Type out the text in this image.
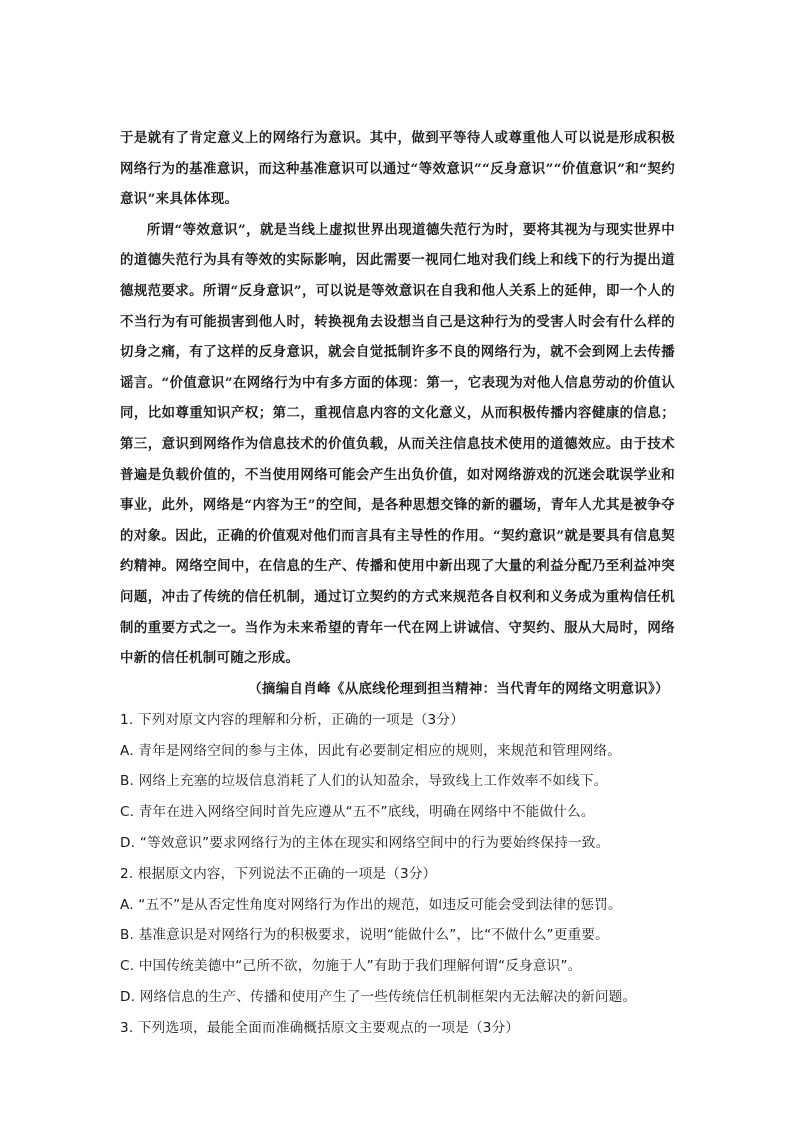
于是就有了肯定意义上的网络行为意识。其中，做到平等待人或尊重他人可以说是形成积极网络行为的基准意识，而这种基准意识可以通过“等效意识”“反身意识”“价值意识”和“契约意识”来具体体现。

所谓“等效意识”，就是当线上虚拟世界出现道德失范行为时，要将其视为与现实世界中的道德失范行为具有等效的实际影响，因此需要一视同仁地对我们线上和线下的行为提出道德规范要求。所谓“反身意识”，可以说是等效意识在自我和他人关系上的延伸，即一个人的不当行为有可能损害到他人时，转换视角去设想当自己是这种行为的受害人时会有什么样的切身之痛，有了这样的反身意识，就会自觉抵制许多不良的网络行为，就不会到网上去传播谣言。“价值意识”在网络行为中有多方面的体现：第一，它表现为对他人信息劳动的价值认同，比如尊重知识产权；第二，重视信息内容的文化意义，从而积极传播内容健康的信息；第三，意识到网络作为信息技术的价值负载，从而关注信息技术使用的道德效应。由于技术普遍是负载价值的，不当使用网络可能会产生出负价值，如对网络游戏的沉迷会耽误学业和事业，此外，网络是“内容为王”的空间，是各种思想交锋的新的疆场，青年人尤其是被争夺的对象。因此，正确的价值观对他们而言具有主导性的作用。“契约意识”就是要具有信息契约精神。网络空间中，在信息的生产、传播和使用中新出现了大量的利益分配乃至利益冲突问题，冲击了传统的信任机制，通过订立契约的方式来规范各自权利和义务成为重构信任机制的重要方式之一。当作为未来希望的青年一代在网上讲诚信、守契约、服从大局时，网络中新的信任机制可随之形成。

（摘编自肖峰《从底线伦理到担当精神：当代青年的网络文明意识》）

1. 下列对原文内容的理解和分析，正确的一项是（3分）

A. 青年是网络空间的参与主体，因此有必要制定相应的规则，来规范和管理网络。

B. 网络上充塞的垃圾信息消耗了人们的认知盈余，导致线上工作效率不如线下。

C. 青年在进入网络空间时首先应遵从“五不”底线，明确在网络中不能做什么。

D. “等效意识”要求网络行为的主体在现实和网络空间中的行为要始终保持一致。

2. 根据原文内容，下列说法不正确的一项是（3分）

A. “五不”是从否定性角度对网络行为作出的规范，如违反可能会受到法律的惩罚。

B. 基准意识是对网络行为的积极要求，说明“能做什么”，比“不做什么”更重要。

C. 中国传统美德中“己所不欲，勿施于人”有助于我们理解何谓“反身意识”。

D. 网络信息的生产、传播和使用产生了一些传统信任机制框架内无法解决的新问题。

3. 下列选项，最能全面而准确概括原文主要观点的一项是（3分）
